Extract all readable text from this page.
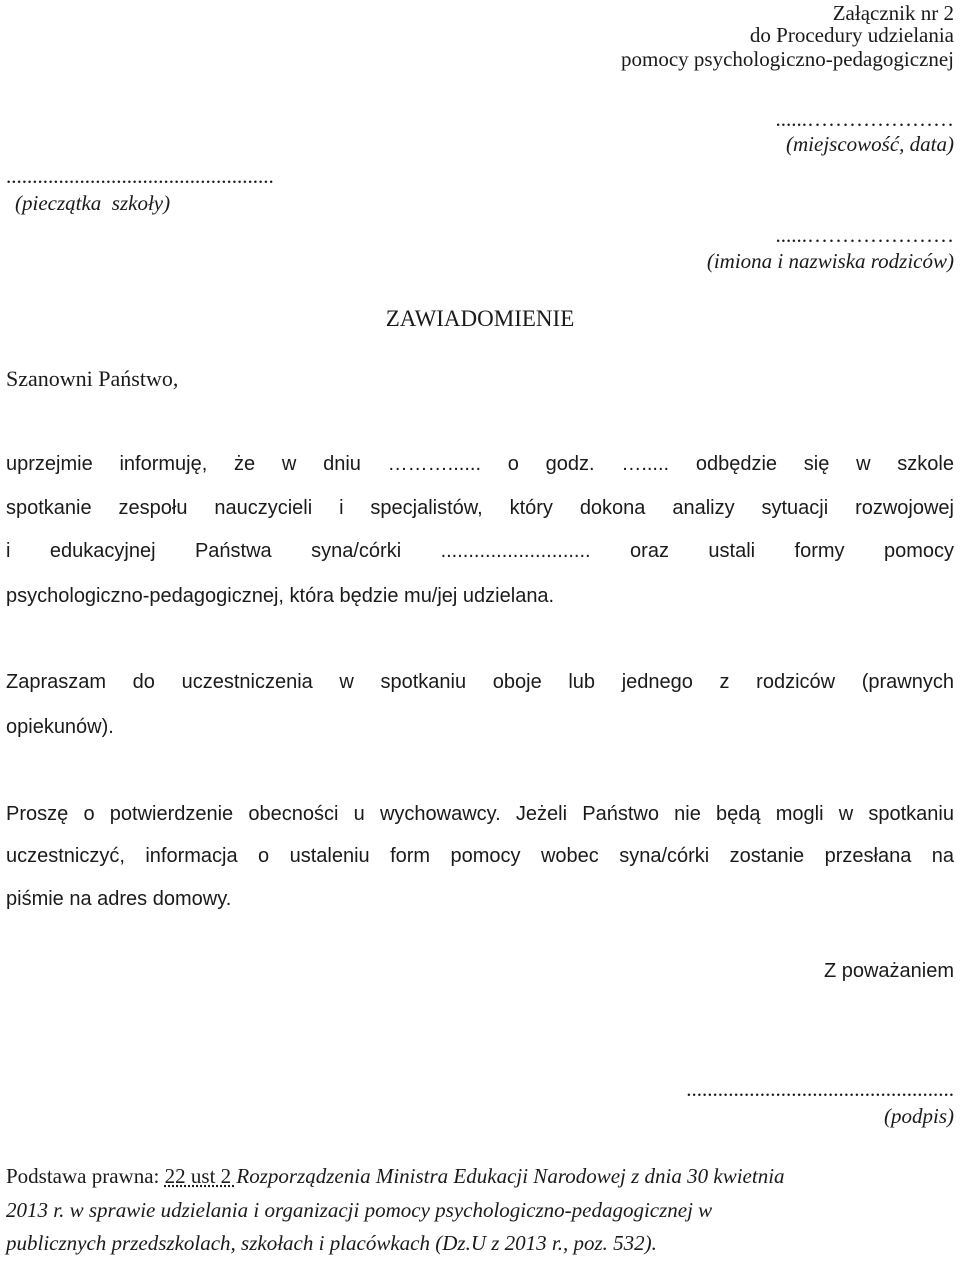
Załącznik nr 2
do Procedury udzielania
pomocy psychologiczno-pedagogicznej
......…………………
(miejscowość, data)
...................................................
(pieczątka  szkoły)
......…………………
(imiona i nazwiska rodziców)
ZAWIADOMIENIE
Szanowni Państwo,
uprzejmie informuję, że w dniu ………...... o godz. …..... odbędzie się w szkole
spotkanie zespołu nauczycieli i specjalistów, który dokona analizy sytuacji rozwojowej
i edukacyjnej Państwa syna/córki ........................... oraz ustali formy pomocy
psychologiczno-pedagogicznej, która będzie mu/jej udzielana.
Zapraszam do uczestniczenia w spotkaniu oboje lub jednego z rodziców (prawnych
opiekunów).
Proszę o potwierdzenie obecności u wychowawcy. Jeżeli Państwo nie będą mogli w spotkaniu
uczestniczyć, informacja o ustaleniu form pomocy wobec syna/córki zostanie przesłana na
piśmie na adres domowy.
Z poważaniem
...................................................
(podpis)
Podstawa prawna: 22 ust 2 Rozporządzenia Ministra Edukacji Narodowej z dnia 30 kwietnia
2013 r. w sprawie udzielania i organizacji pomocy psychologiczno-pedagogicznej w
publicznych przedszkolach, szkołach i placówkach (Dz.U z 2013 r., poz. 532).
